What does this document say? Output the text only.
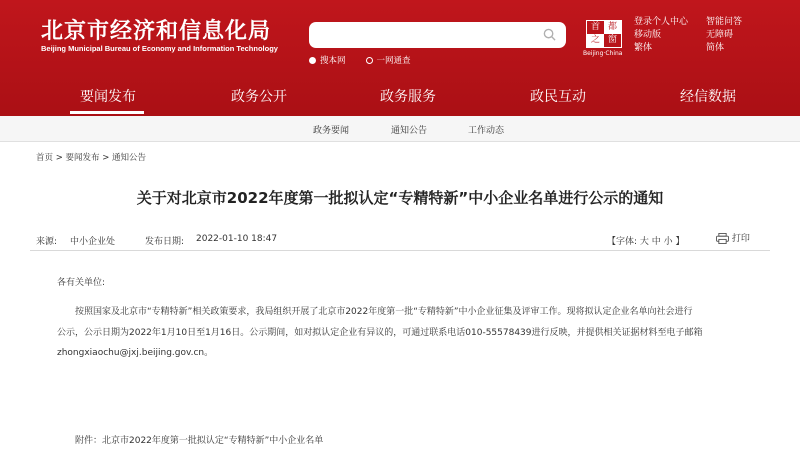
北京市经济和信息化局
Beijing Municipal Bureau of Economy and Information Technology
搜本网	一网通查
首 都
之 窗
Beijing·China
登录个人中心
移动版
繁体
智能问答
无障碍
简体
要闻发布	政务公开	政务服务	政民互动	经信数据
政务要闻	通知公告	工作动态
首页 > 要闻发布 > 通知公告
关于对北京市2022年度第一批拟认定“专精特新”中小企业名单进行公示的通知
来源: 中小企业处	发布日期: 2022-01-10 18:47	【字体: 大 中 小 】	打印
各有关单位:
按照国家及北京市“专精特新”相关政策要求，我局组织开展了北京市2022年度第一批“专精特新”中小企业征集及评审工作。现将拟认定企业名单向社会进行
公示，公示日期为2022年1月10日至1月16日。公示期间，如对拟认定企业有异议的，可通过联系电话010-55578439进行反映，并提供相关证据材料至电子邮箱
zhongxiaochu@jxj.beijing.gov.cn。
附件：北京市2022年度第一批拟认定“专精特新”中小企业名单
